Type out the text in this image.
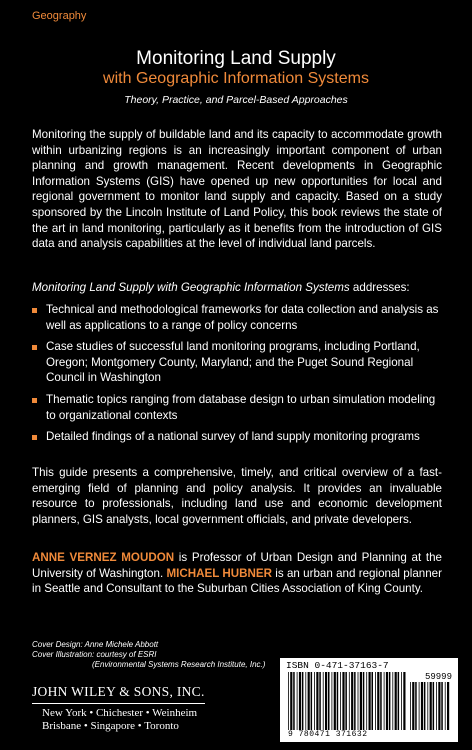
Geography
Monitoring Land Supply
with Geographic Information Systems
Theory, Practice, and Parcel-Based Approaches

Monitoring the supply of buildable land and its capacity to accommodate growth within urbanizing regions is an increasingly important component of urban planning and growth management. Recent developments in Geographic Information Systems (GIS) have opened up new opportunities for local and regional government to monitor land supply and capacity. Based on a study sponsored by the Lincoln Institute of Land Policy, this book reviews the state of the art in land monitoring, particularly as it benefits from the introduction of GIS data and analysis capabilities at the level of individual land parcels.

Monitoring Land Supply with Geographic Information Systems addresses:

Technical and methodological frameworks for data collection and analysis as well as applications to a range of policy concerns
Case studies of successful land monitoring programs, including Portland, Oregon; Montgomery County, Maryland; and the Puget Sound Regional Council in Washington
Thematic topics ranging from database design to urban simulation modeling to organizational contexts
Detailed findings of a national survey of land supply monitoring programs

This guide presents a comprehensive, timely, and critical overview of a fast-emerging field of planning and policy analysis. It provides an invaluable resource to professionals, including land use and economic development planners, GIS analysts, local government officials, and private developers.

ANNE VERNEZ MOUDON is Professor of Urban Design and Planning at the University of Washington. MICHAEL HUBNER is an urban and regional planner in Seattle and Consultant to the Suburban Cities Association of King County.

Cover Design: Anne Michele Abbott
Cover Illustration: courtesy of ESRI
(Environmental Systems Research Institute, Inc.)
JOHN WILEY & SONS, INC.
New York • Chichester • Weinheim
Brisbane • Singapore • Toronto
ISBN 0-471-37163-7
59999
9 780471 371632
